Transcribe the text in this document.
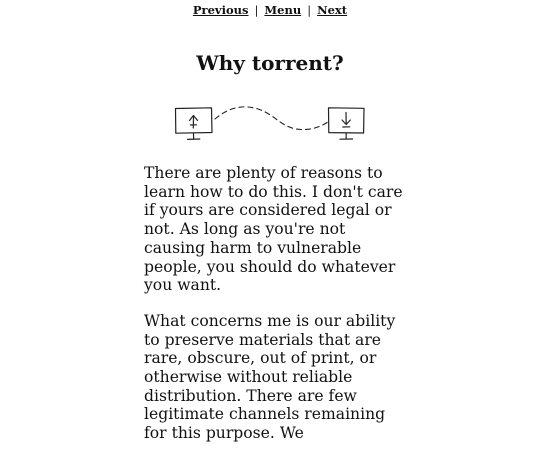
Previous | Menu | Next
Why torrent?

There are plenty of reasons to learn how to do this. I don't care if yours are considered legal or not. As long as you're not causing harm to vulnerable people, you should do whatever you want.

What concerns me is our ability to preserve materials that are rare, obscure, out of print, or otherwise without reliable distribution. There are few legitimate channels remaining for this purpose. We
